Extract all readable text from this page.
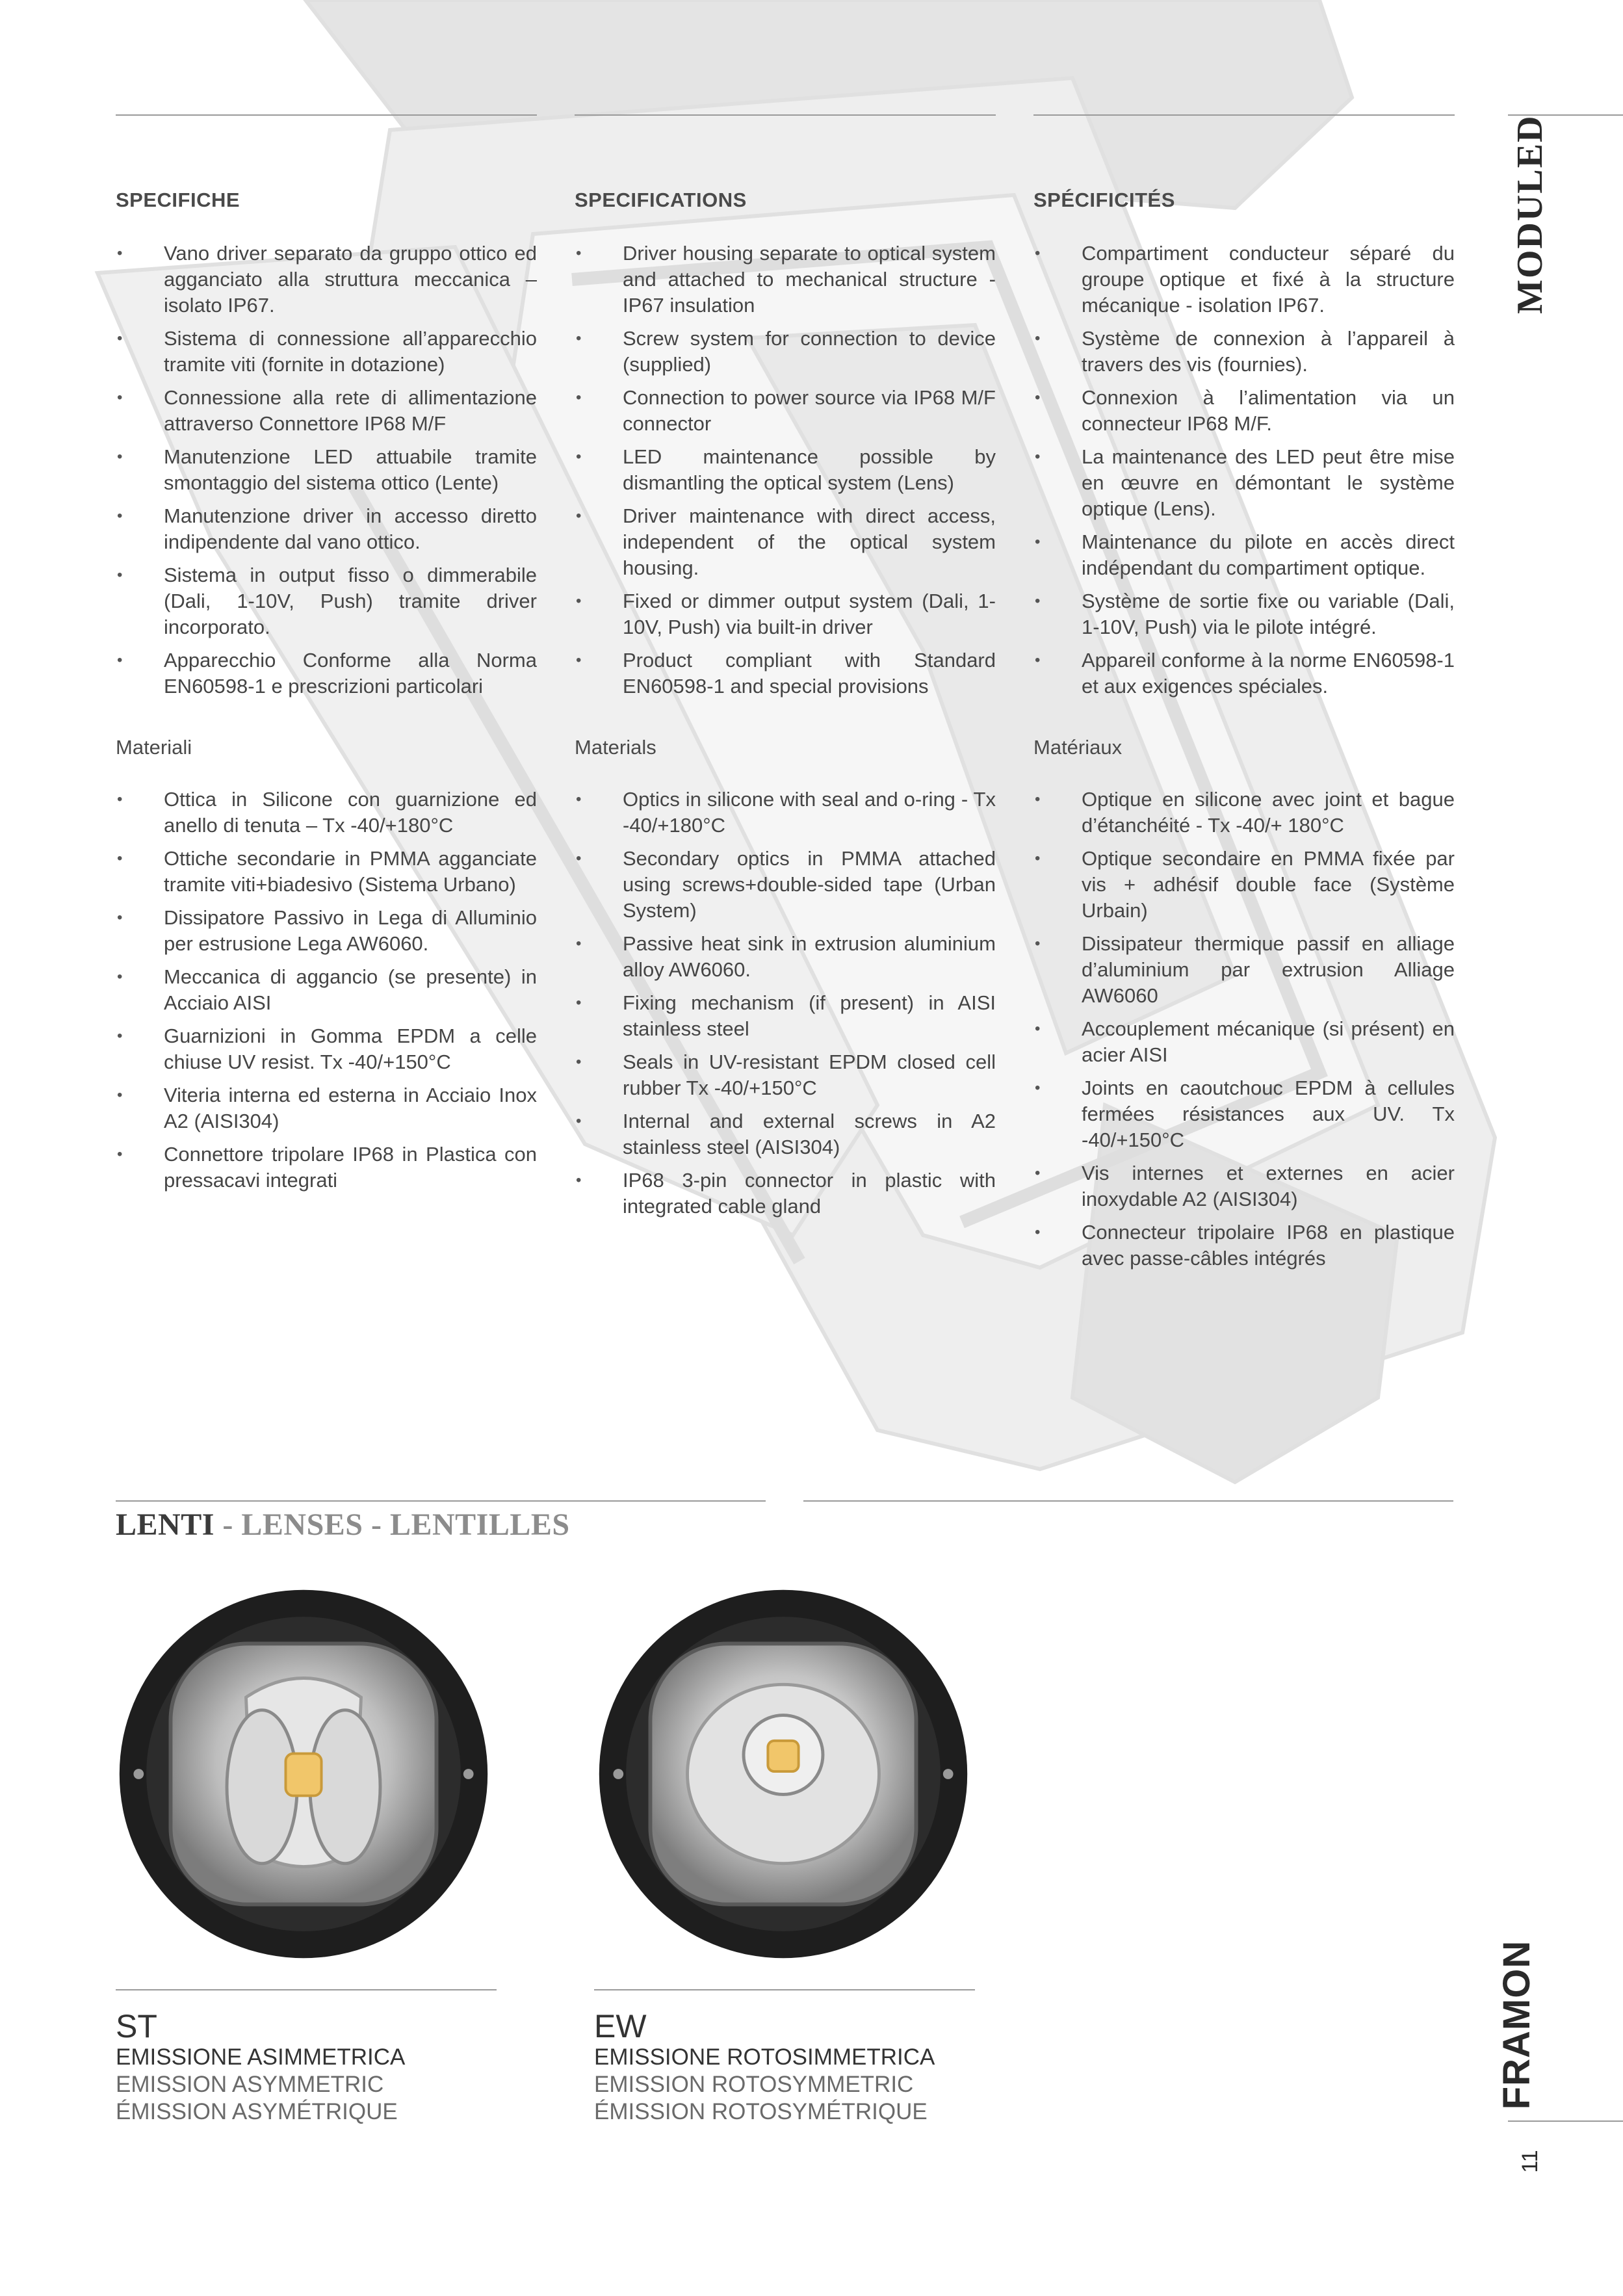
MODULED
FRAMON
11
SPECIFICHE
• Vano driver separato da gruppo ottico ed agganciato alla struttura meccanica – isolato IP67.
• Sistema di connessione all’apparecchio tramite viti (fornite in dotazione)
• Connessione alla rete di allimentazione attraverso Connettore IP68 M/F
• Manutenzione LED attuabile tramite smontaggio del sistema ottico (Lente)
• Manutenzione driver in accesso diretto indipendente dal vano ottico.
• Sistema in output fisso o dimmerabile (Dali, 1-10V, Push) tramite driver incorporato.
• Apparecchio Conforme alla Norma EN60598-1 e prescrizioni particolari
Materiali
• Ottica in Silicone con guarnizione ed anello di tenuta – Tx -40/+180°C
• Ottiche secondarie in PMMA agganciate tramite viti+biadesivo (Sistema Urbano)
• Dissipatore Passivo in Lega di Alluminio per estrusione Lega AW6060.
• Meccanica di aggancio (se presente) in Acciaio AISI
• Guarnizioni in Gomma EPDM a celle chiuse UV resist. Tx -40/+150°C
• Viteria interna ed esterna in Acciaio Inox A2 (AISI304)
• Connettore tripolare IP68 in Plastica con pressacavi integrati
SPECIFICATIONS
• Driver housing separate to optical system and attached to mechanical structure - IP67 insulation
• Screw system for connection to device (supplied)
• Connection to power source via IP68 M/F connector
• LED maintenance possible by dismantling the optical system (Lens)
• Driver maintenance with direct access, independent of the optical system housing.
• Fixed or dimmer output system (Dali, 1-10V, Push) via built-in driver
• Product compliant with Standard EN60598-1 and special provisions
Materials
• Optics in silicone with seal and o-ring - Tx -40/+180°C
• Secondary optics in PMMA attached using screws+double-sided tape (Urban System)
• Passive heat sink in extrusion aluminium alloy AW6060.
• Fixing mechanism (if present) in AISI stainless steel
• Seals in UV-resistant EPDM closed cell rubber Tx -40/+150°C
• Internal and external screws in A2 stainless steel (AISI304)
• IP68 3-pin connector in plastic with integrated cable gland
SPÉCIFICITÉS
• Compartiment conducteur séparé du groupe optique et fixé à la structure mécanique - isolation IP67.
• Système de connexion à l’appareil à travers des vis (fournies).
• Connexion à l’alimentation via un connecteur IP68 M/F.
• La maintenance des LED peut être mise en œuvre en démontant le système optique (Lens).
• Maintenance du pilote en accès direct indépendant du compartiment optique.
• Système de sortie fixe ou variable (Dali, 1-10V, Push) via le pilote intégré.
• Appareil conforme à la norme EN60598-1 et aux exigences spéciales.
Matériaux
• Optique en silicone avec joint et bague d’étanchéité - Tx -40/+ 180°C
• Optique secondaire en PMMA fixée par vis + adhésif double face (Système Urbain)
• Dissipateur thermique passif en alliage d’aluminium par extrusion Alliage AW6060
• Accouplement mécanique (si présent) en acier AISI
• Joints en caoutchouc EPDM à cellules fermées résistances aux UV. Tx -40/+150°C
• Vis internes et externes en acier inoxydable A2 (AISI304)
• Connecteur tripolaire IP68 en plastique avec passe-câbles intégrés
LENTI - LENSES - LENTILLES
ST
EMISSIONE ASIMMETRICA
EMISSION ASYMMETRIC
ÉMISSION ASYMÉTRIQUE
EW
EMISSIONE ROTOSIMMETRICA
EMISSION ROTOSYMMETRIC
ÉMISSION ROTOSYMÉTRIQUE
